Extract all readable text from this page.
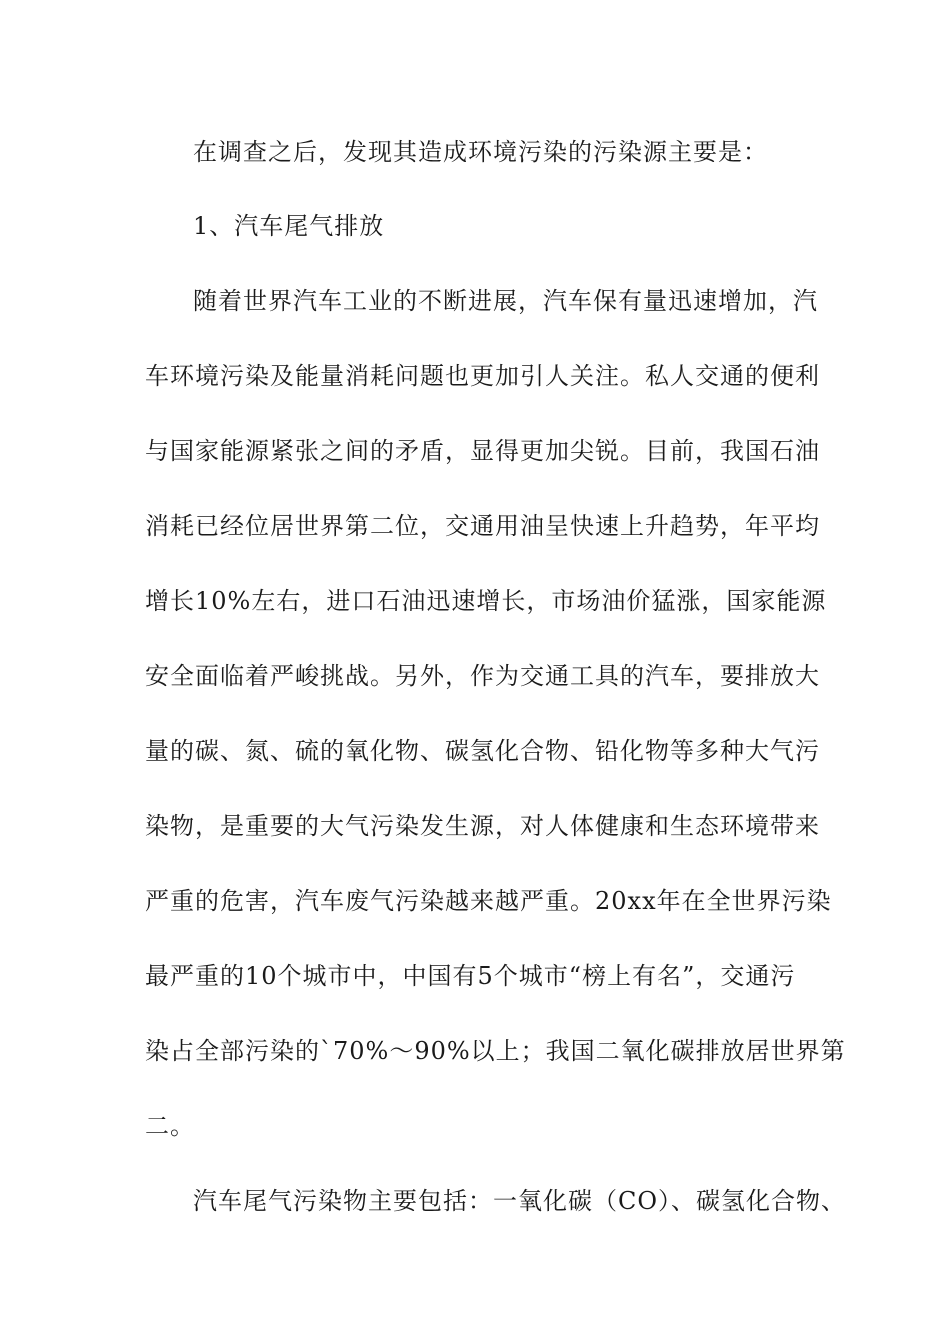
在调查之后，发现其造成环境污染的污染源主要是：
1、汽车尾气排放
随着世界汽车工业的不断进展，汽车保有量迅速增加，汽
车环境污染及能量消耗问题也更加引人关注。私人交通的便利
与国家能源紧张之间的矛盾，显得更加尖锐。目前，我国石油
消耗已经位居世界第二位，交通用油呈快速上升趋势，年平均
增长10%左右，进口石油迅速增长，市场油价猛涨，国家能源
安全面临着严峻挑战。另外，作为交通工具的汽车，要排放大
量的碳、氮、硫的氧化物、碳氢化合物、铅化物等多种大气污
染物，是重要的大气污染发生源，对人体健康和生态环境带来
严重的危害，汽车废气污染越来越严重。20xx年在全世界污染
最严重的10个城市中，中国有5个城市“榜上有名”，交通污
染占全部污染的`70%～90%以上；我国二氧化碳排放居世界第
二。
汽车尾气污染物主要包括：一氧化碳（CO）、碳氢化合物、
